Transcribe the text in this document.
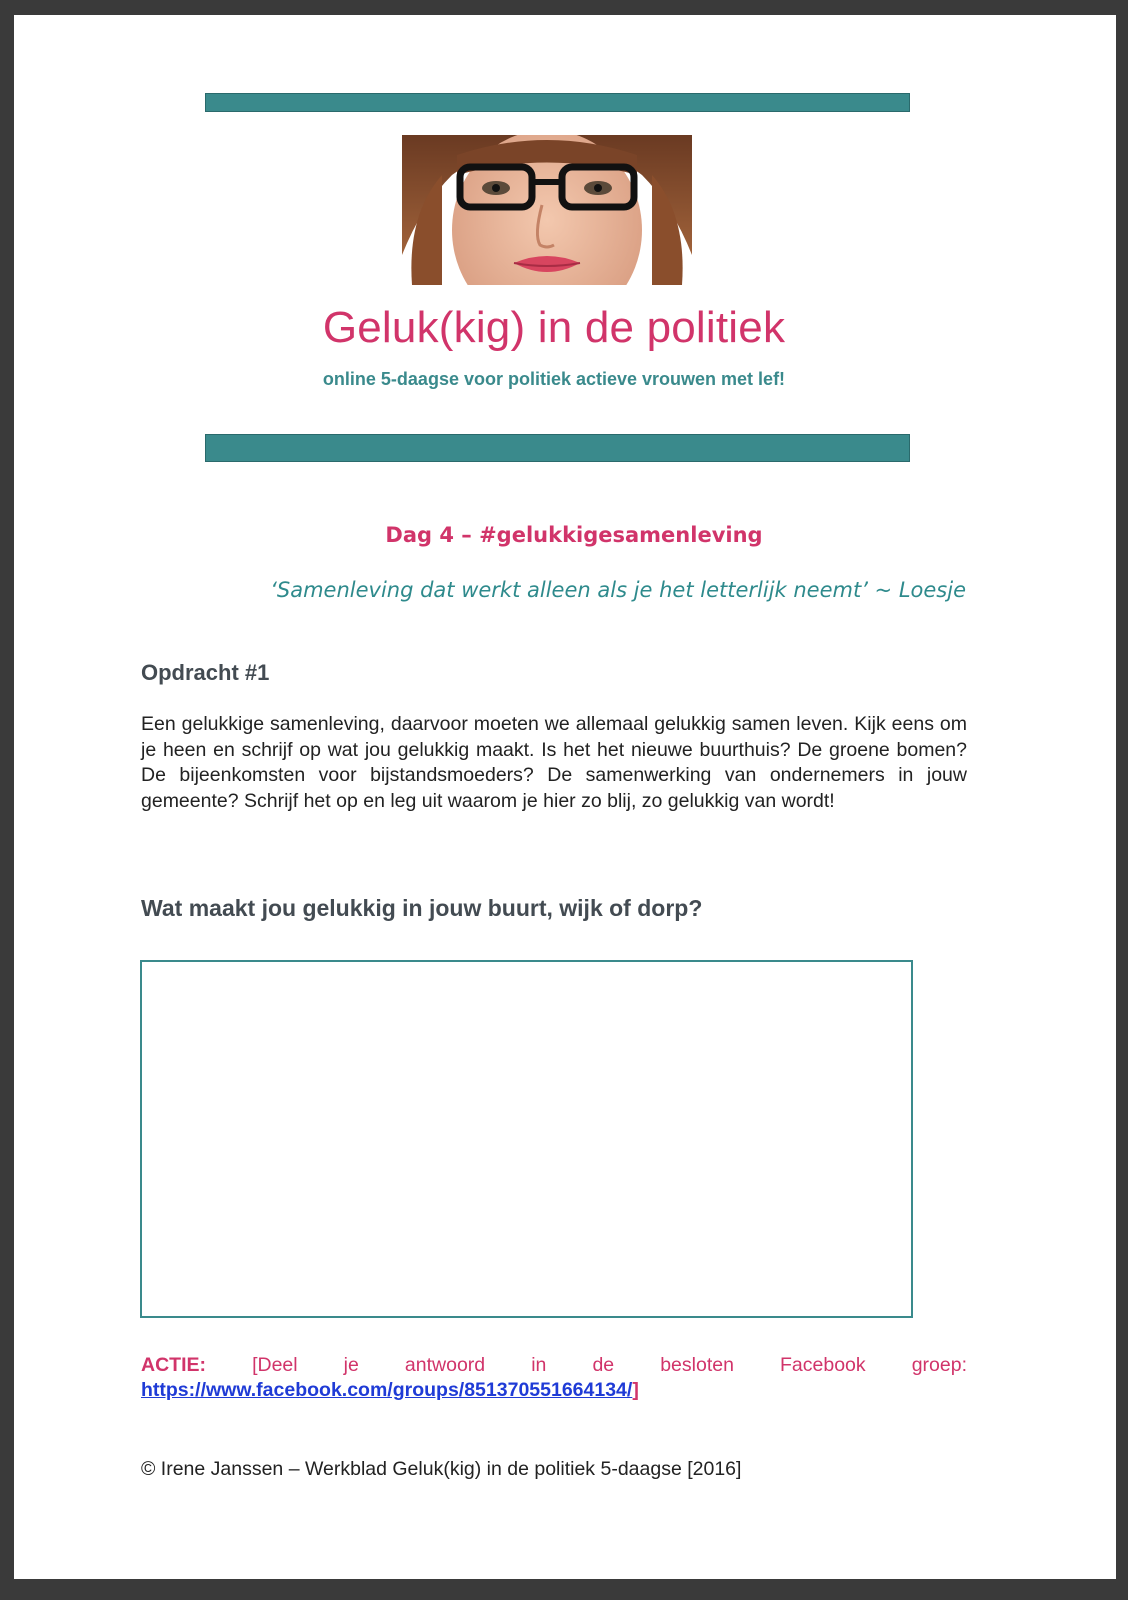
Geluk(kig) in de politiek
online 5-daagse voor politiek actieve vrouwen met lef!
Dag 4 – #gelukkigesamenleving
‘Samenleving dat werkt alleen als je het letterlijk neemt’ ~ Loesje
Opdracht #1
Een gelukkige samenleving, daarvoor moeten we allemaal gelukkig samen leven. Kijk eens om je heen en schrijf op wat jou gelukkig maakt. Is het het nieuwe buurthuis? De groene bomen? De bijeenkomsten voor bijstandsmoeders? De samenwerking van ondernemers in jouw gemeente? Schrijf het op en leg uit waarom je hier zo blij, zo gelukkig van wordt!
Wat maakt jou gelukkig in jouw buurt, wijk of dorp?
ACTIE: [Deel je antwoord in de besloten Facebook groep:
https://www.facebook.com/groups/851370551664134/]
© Irene Janssen – Werkblad Geluk(kig) in de politiek 5-daagse [2016]
